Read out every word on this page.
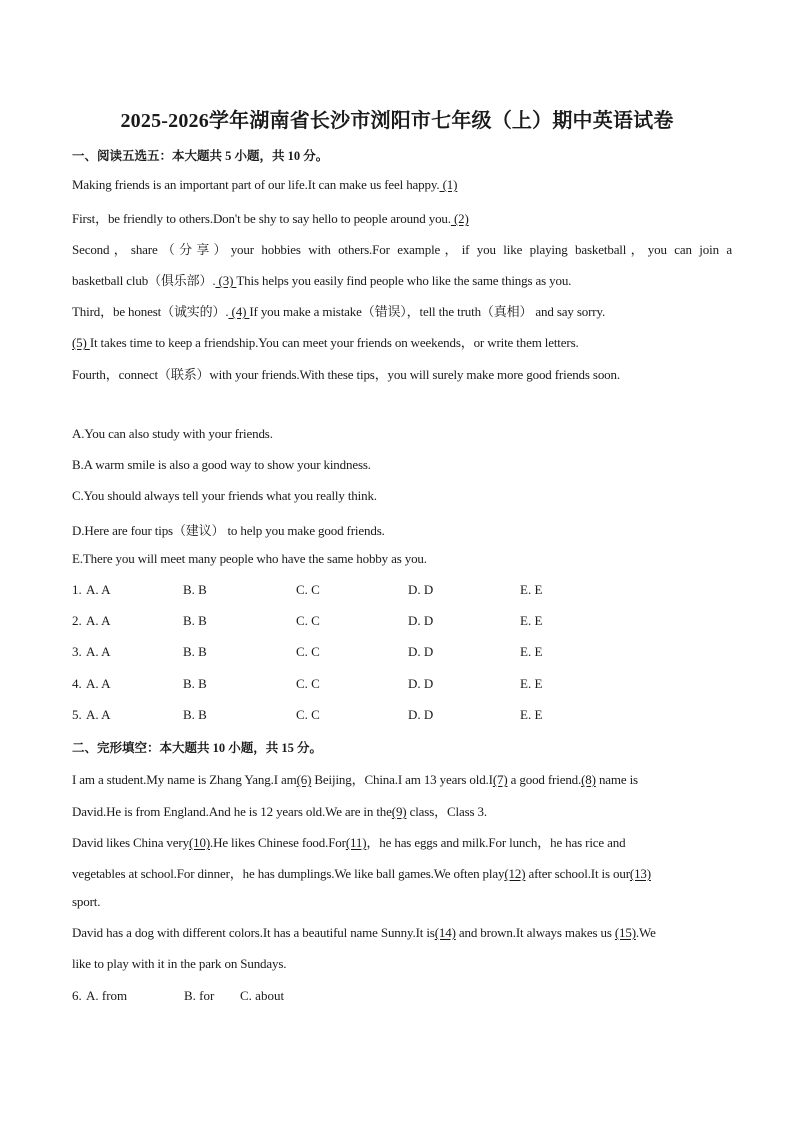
2025-2026学年湖南省长沙市浏阳市七年级（上）期中英语试卷
一、阅读五选五：本大题共 5 小题，共 10 分。
Making friends is an important part of our life.It can make us feel happy. (1)
First，be friendly to others.Don't be shy to say hello to people around you. (2)
Second，share（分享）your hobbies with others.For example，if you like playing basketball，you can join a
basketball club（俱乐部）. (3) This helps you easily find people who like the same things as you.
Third，be honest（诚实的）. (4) If you make a mistake（错误），tell the truth（真相） and say sorry.
(5) It takes time to keep a friendship.You can meet your friends on weekends，or write them letters.
Fourth，connect（联系）with your friends.With these tips，you will surely make more good friends soon.
A.You can also study with your friends.
B.A warm smile is also a good way to show your kindness.
C.You should always tell your friends what you really think.
D.Here are four tips（建议） to help you make good friends.
E.There you will meet many people who have the same hobby as you.
1. A. A	B. B	C. C	D. D	E. E
2. A. A	B. B	C. C	D. D	E. E
3. A. A	B. B	C. C	D. D	E. E
4. A. A	B. B	C. C	D. D	E. E
5. A. A	B. B	C. C	D. D	E. E
二、完形填空：本大题共 10 小题，共 15 分。
I am a student.My name is Zhang Yang.I am(6) Beijing，China.I am 13 years old.I(7) a good friend.(8) name is
David.He is from England.And he is 12 years old.We are in the(9) class，Class 3.
David likes China very(10).He likes Chinese food.For(11)，he has eggs and milk.For lunch，he has rice and
vegetables at school.For dinner，he has dumplings.We like ball games.We often play(12) after school.It is our(13)
sport.
David has a dog with different colors.It has a beautiful name Sunny.It is(14) and brown.It always makes us (15).We
like to play with it in the park on Sundays.
6. A. from	B. for C. about
